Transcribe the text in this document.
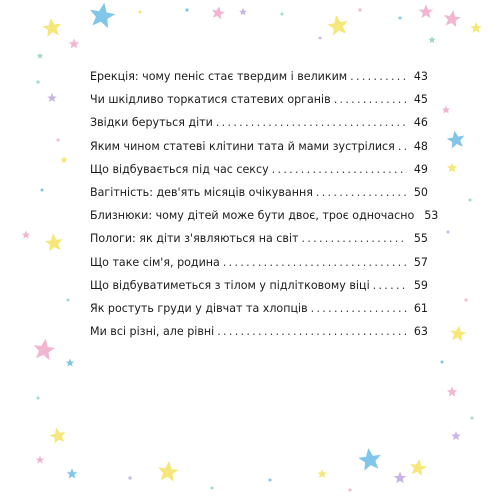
Ерекція: чому пеніс стає твердим і великим .....	43
Чи шкідливо торкатися статевих органів .....	45
Звідки беруться діти .....	46
Яким чином статеві клітини тата й мами зустрілися .....	48
Що відбувається під час сексу .....	49
Вагітність: дев'ять місяців очікування .....	50
Близнюки: чому дітей може бути двоє, троє одночасно 53
Пологи: як діти з'являються на світ .....	55
Що таке сім'я, родина .....	57
Що відбуватиметься з тілом у підлітковому віці .....	59
Як ростуть груди у дівчат та хлопців .....	61
Ми всі різні, але рівні .....	63
